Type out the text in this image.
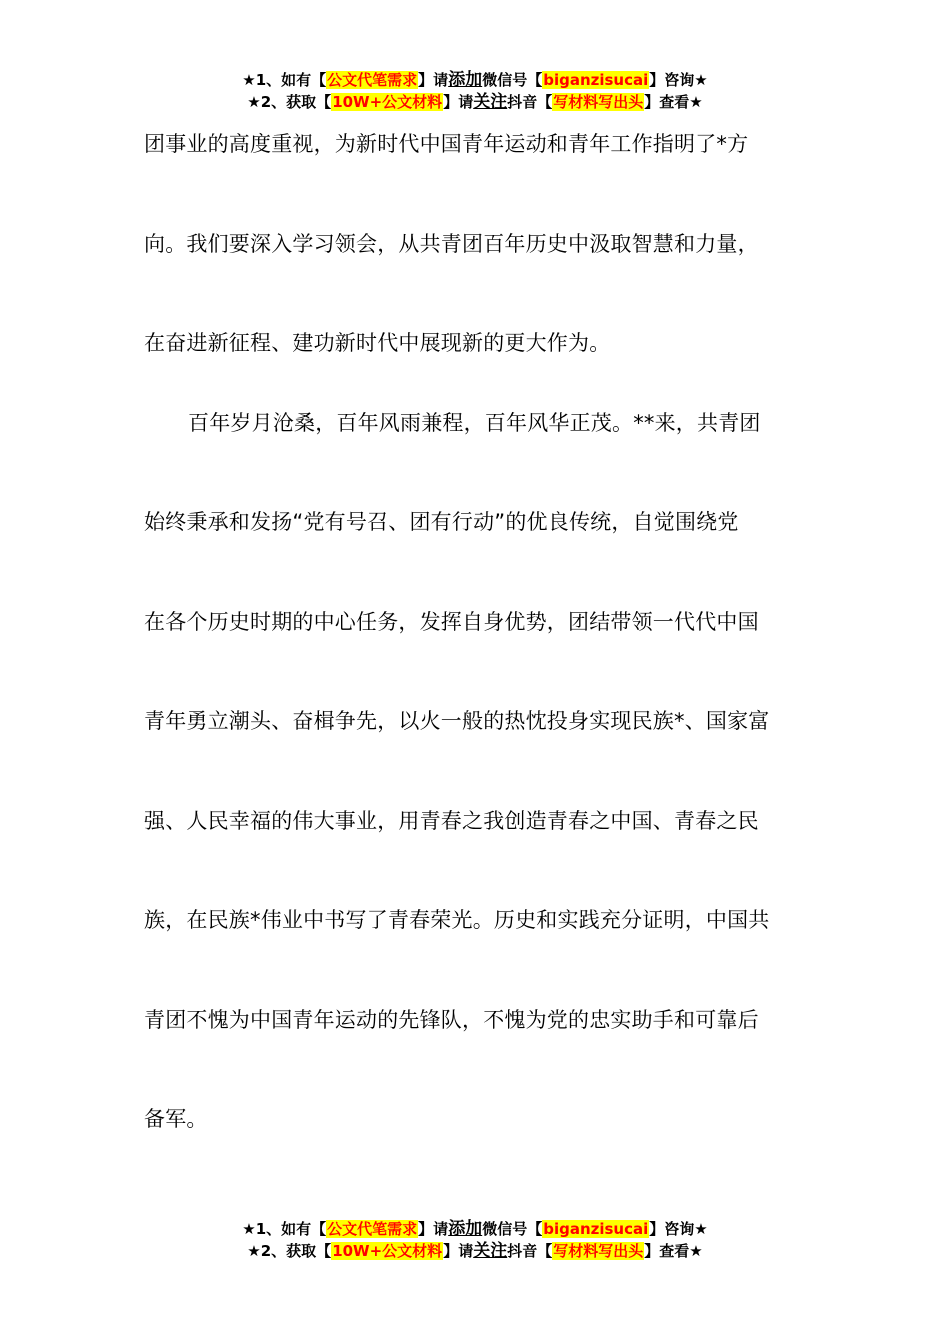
★1、如有【公文代笔需求】请添加微信号【biganzisucai】咨询★
★2、获取【10W+公文材料】请关注抖音【写材料写出头】查看★
团事业的高度重视，为新时代中国青年运动和青年工作指明了*方
向。我们要深入学习领会，从共青团百年历史中汲取智慧和力量，
在奋进新征程、建功新时代中展现新的更大作为。
百年岁月沧桑，百年风雨兼程，百年风华正茂。**来，共青团
始终秉承和发扬“党有号召、团有行动”的优良传统，自觉围绕党
在各个历史时期的中心任务，发挥自身优势，团结带领一代代中国
青年勇立潮头、奋楫争先，以火一般的热忱投身实现民族*、国家富
强、人民幸福的伟大事业，用青春之我创造青春之中国、青春之民
族，在民族*伟业中书写了青春荣光。历史和实践充分证明，中国共
青团不愧为中国青年运动的先锋队，不愧为党的忠实助手和可靠后
备军。
★1、如有【公文代笔需求】请添加微信号【biganzisucai】咨询★
★2、获取【10W+公文材料】请关注抖音【写材料写出头】查看★
